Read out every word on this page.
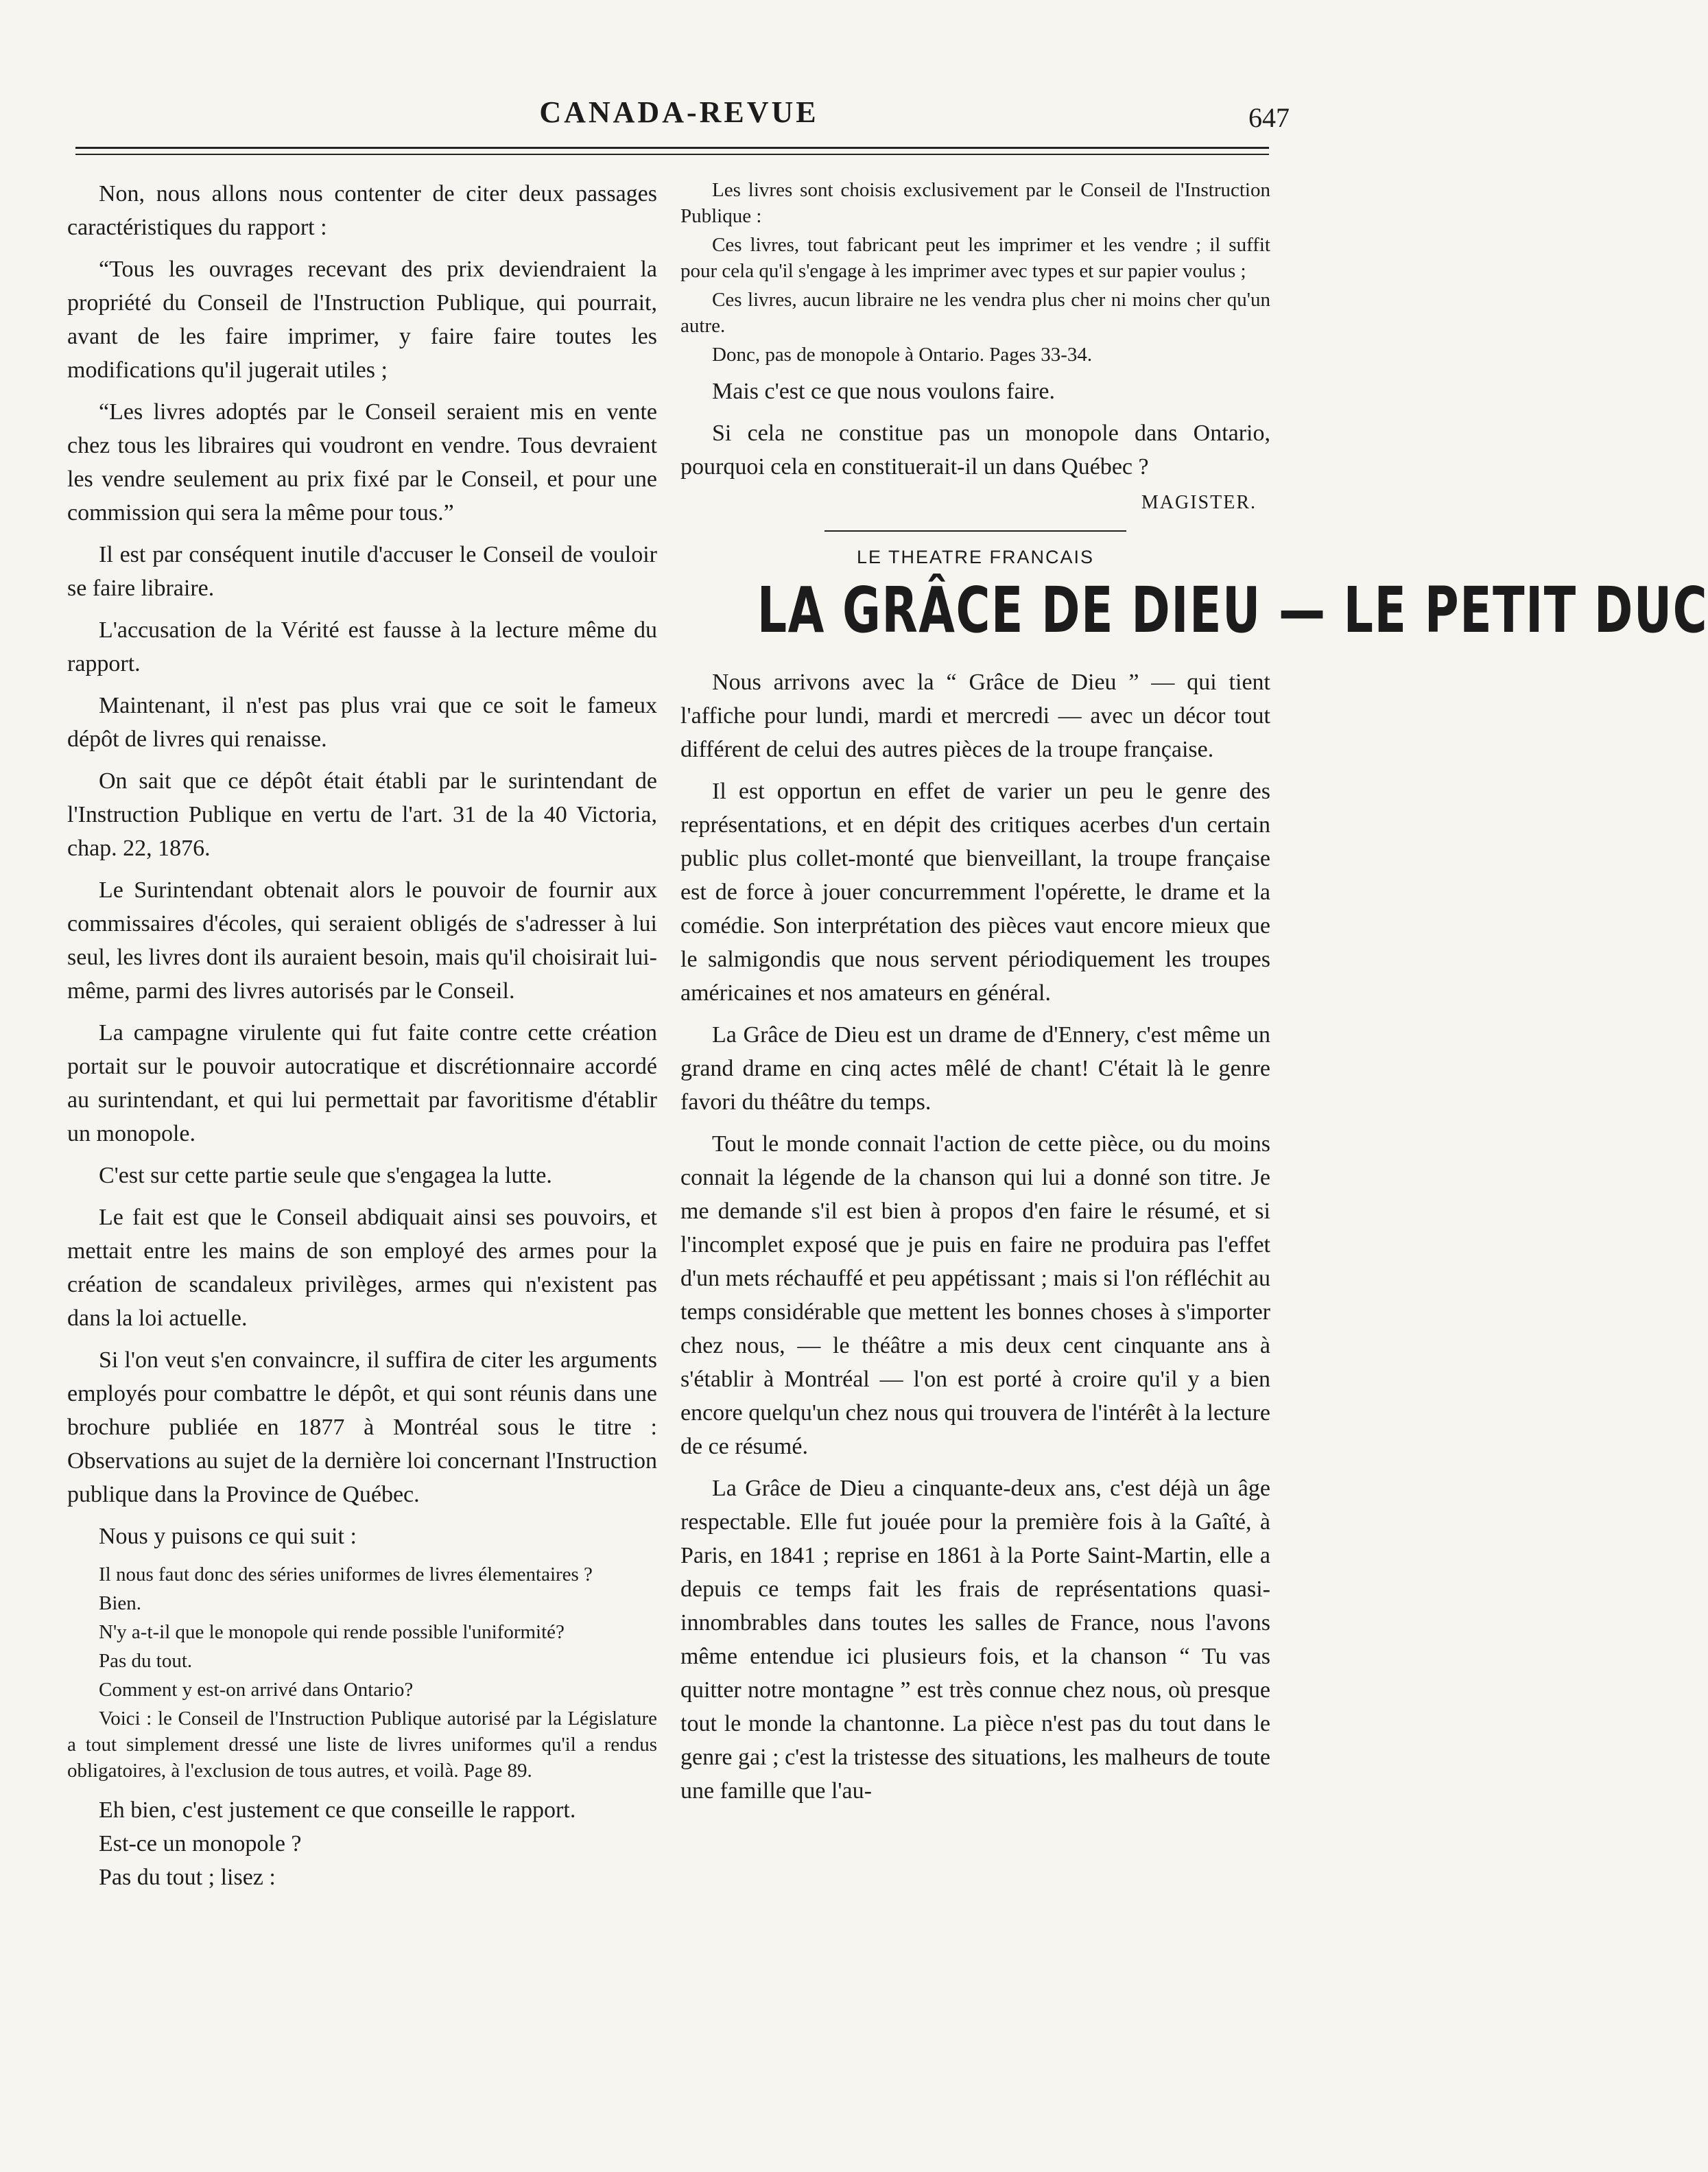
CANADA-REVUE	647

Non, nous allons nous contenter de citer deux passages caractéristiques du rapport :

“Tous les ouvrages recevant des prix deviendraient la propriété du Conseil de l'Instruction Publique, qui pourrait, avant de les faire imprimer, y faire faire toutes les modifications qu'il jugerait utiles ;

“Les livres adoptés par le Conseil seraient mis en vente chez tous les libraires qui voudront en vendre. Tous devraient les vendre seulement au prix fixé par le Conseil, et pour une commission qui sera la même pour tous.”

Il est par conséquent inutile d'accuser le Conseil de vouloir se faire libraire.

L'accusation de la Vérité est fausse à la lecture même du rapport.

Maintenant, il n'est pas plus vrai que ce soit le fameux dépôt de livres qui renaisse.

On sait que ce dépôt était établi par le surintendant de l'Instruction Publique en vertu de l'art. 31 de la 40 Victoria, chap. 22, 1876.

Le Surintendant obtenait alors le pouvoir de fournir aux commissaires d'écoles, qui seraient obligés de s'adresser à lui seul, les livres dont ils auraient besoin, mais qu'il choisirait lui-même, parmi des livres autorisés par le Conseil.

La campagne virulente qui fut faite contre cette création portait sur le pouvoir autocratique et discrétionnaire accordé au surintendant, et qui lui permettait par favoritisme d'établir un monopole.

C'est sur cette partie seule que s'engagea la lutte.

Le fait est que le Conseil abdiquait ainsi ses pouvoirs, et mettait entre les mains de son employé des armes pour la création de scandaleux privilèges, armes qui n'existent pas dans la loi actuelle.

Si l'on veut s'en convaincre, il suffira de citer les arguments employés pour combattre le dépôt, et qui sont réunis dans une brochure publiée en 1877 à Montréal sous le titre : Observations au sujet de la dernière loi concernant l'Instruction publique dans la Province de Québec.

Nous y puisons ce qui suit :

Il nous faut donc des séries uniformes de livres élementaires ?

Bien.

N'y a-t-il que le monopole qui rende possible l'uniformité?

Pas du tout.

Comment y est-on arrivé dans Ontario?

Voici : le Conseil de l'Instruction Publique autorisé par la Législature a tout simplement dressé une liste de livres uniformes qu'il a rendus obligatoires, à l'exclusion de tous autres, et voilà. Page 89.

Eh bien, c'est justement ce que conseille le rapport.

Est-ce un monopole ?

Pas du tout ; lisez :

Les livres sont choisis exclusivement par le Conseil de l'Instruction Publique :

Ces livres, tout fabricant peut les imprimer et les vendre ; il suffit pour cela qu'il s'engage à les imprimer avec types et sur papier voulus ;

Ces livres, aucun libraire ne les vendra plus cher ni moins cher qu'un autre.

Donc, pas de monopole à Ontario. Pages 33-34.

Mais c'est ce que nous voulons faire.

Si cela ne constitue pas un monopole dans Ontario, pourquoi cela en constituerait-il un dans Québec ?

MAGISTER.
LE THEATRE FRANCAIS
LA GRÂCE DE DIEU — LE PETIT DUC

Nous arrivons avec la “ Grâce de Dieu ” — qui tient l'affiche pour lundi, mardi et mercredi — avec un décor tout différent de celui des autres pièces de la troupe française.

Il est opportun en effet de varier un peu le genre des représentations, et en dépit des critiques acerbes d'un certain public plus collet-monté que bienveillant, la troupe française est de force à jouer concurremment l'opérette, le drame et la comédie. Son interprétation des pièces vaut encore mieux que le salmigondis que nous servent périodiquement les troupes américaines et nos amateurs en général.

La Grâce de Dieu est un drame de d'Ennery, c'est même un grand drame en cinq actes mêlé de chant! C'était là le genre favori du théâtre du temps.

Tout le monde connait l'action de cette pièce, ou du moins connait la légende de la chanson qui lui a donné son titre. Je me demande s'il est bien à propos d'en faire le résumé, et si l'incomplet exposé que je puis en faire ne produira pas l'effet d'un mets réchauffé et peu appétissant ; mais si l'on réfléchit au temps considérable que mettent les bonnes choses à s'importer chez nous, — le théâtre a mis deux cent cinquante ans à s'établir à Montréal — l'on est porté à croire qu'il y a bien encore quelqu'un chez nous qui trouvera de l'intérêt à la lecture de ce résumé.

La Grâce de Dieu a cinquante-deux ans, c'est déjà un âge respectable. Elle fut jouée pour la première fois à la Gaîté, à Paris, en 1841 ; reprise en 1861 à la Porte Saint-Martin, elle a depuis ce temps fait les frais de représentations quasi-innombrables dans toutes les salles de France, nous l'avons même entendue ici plusieurs fois, et la chanson “ Tu vas quitter notre montagne ” est très connue chez nous, où presque tout le monde la chantonne. La pièce n'est pas du tout dans le genre gai ; c'est la tristesse des situations, les malheurs de toute une famille que l'au-
